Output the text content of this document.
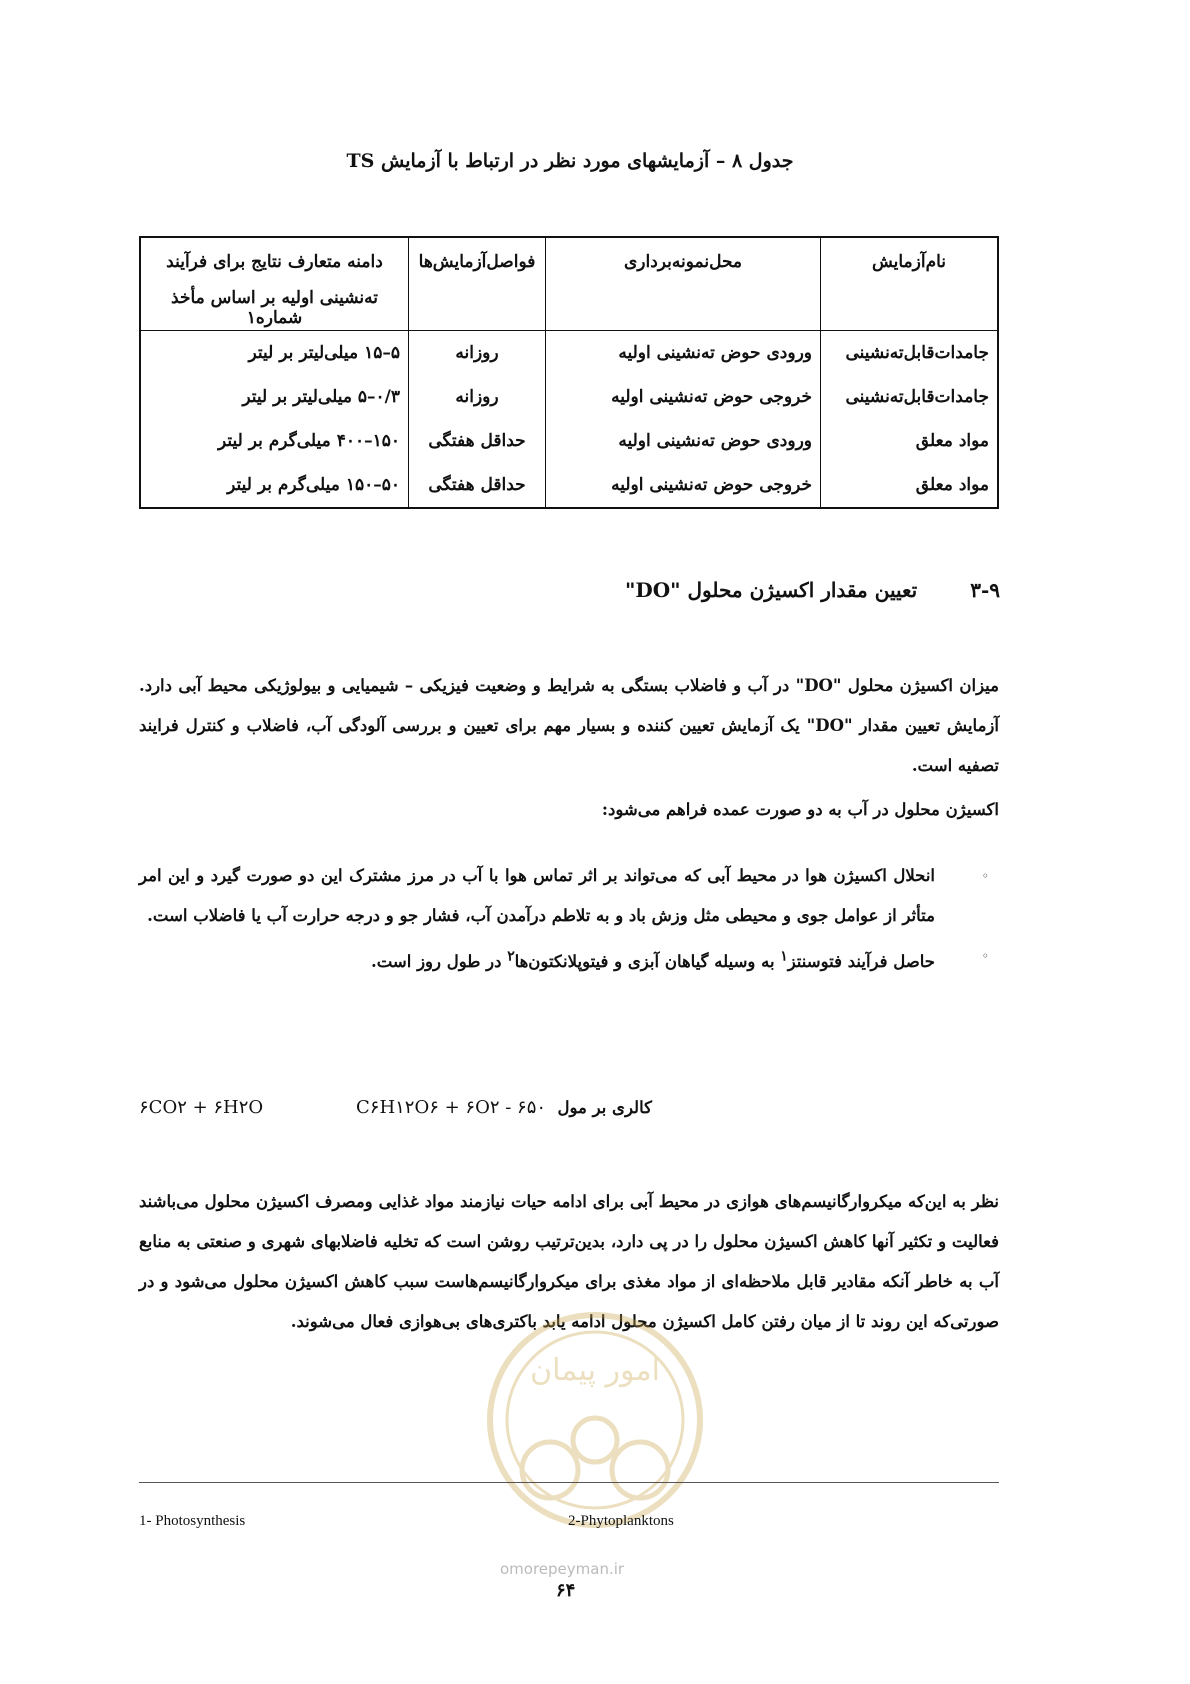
جدول ۸ – آزمایشهای مورد نظر در ارتباط با آزمایش TS
نام‌آزمایش	محل‌نمونه‌برداری	فواصل‌آزمایش‌ها	دامنه متعارف نتایج برای فرآیند
			ته‌نشینی اولیه بر اساس مأخذ شماره۱
جامدات‌قابل‌ته‌نشینی	ورودی حوض ته‌نشینی اولیه	روزانه	۵–۱۵ میلی‌لیتر بر لیتر
جامدات‌قابل‌ته‌نشینی	خروجی حوض ته‌نشینی اولیه	روزانه	۰/۳–۵ میلی‌لیتر بر لیتر
مواد معلق	ورودی حوض ته‌نشینی اولیه	حداقل هفتگی	۱۵۰–۴۰۰ میلی‌گرم بر لیتر
مواد معلق	خروجی حوض ته‌نشینی اولیه	حداقل هفتگی	۵۰–۱۵۰ میلی‌گرم بر لیتر
۳-۹ تعیین مقدار اکسیژن محلول "DO"

میزان اکسیژن محلول "DO" در آب و فاضلاب بستگی به شرایط و وضعیت فیزیکی – شیمیایی و بیولوژیکی محیط آبی دارد. آزمایش تعیین مقدار "DO" یک آزمایش تعیین کننده و بسیار مهم برای تعیین و بررسی آلودگی آب، فاضلاب و کنترل فرایند تصفیه است.

اکسیژن محلول در آب به دو صورت عمده فراهم می‌شود:

◦
انحلال اکسیژن هوا در محیط آبی که می‌تواند بر اثر تماس هوا با آب در مرز مشترک این دو صورت گیرد و این امر متأثر از عوامل جوی و محیطی مثل وزش باد و به تلاطم درآمدن آب، فشار جو و درجه حرارت آب یا فاضلاب است.
◦
حاصل فرآیند فتوسنتز$^۱$ به وسیله گیاهان آبزی و فیتوپلانکتون‌ها$^۲$ در طول روز است.
۶CO۲ + ۶H۲O	C۶H۱۲O۶ + ۶O۲ - ۶۵۰ کالری بر مول

نظر به این‌که میکروارگانیسم‌های هوازی در محیط آبی برای ادامه حیات نیازمند مواد غذایی ومصرف اکسیژن محلول می‌باشند فعالیت و تکثیر آنها کاهش اکسیژن محلول را در پی دارد، بدین‌ترتیب روشن است که تخلیه فاضلابهای شهری و صنعتی به منابع آب به خاطر آنکه مقادیر قابل ملاحظه‌ای از مواد مغذی برای میکروارگانیسم‌هاست سبب کاهش اکسیژن محلول می‌شود و در صورتی‌که این روند تا از میان رفتن کامل اکسیژن محلول ادامه یابد باکتری‌های بی‌هوازی فعال می‌شوند.

امور پیمان
omorepeyman.ir
1- Photosynthesis	2-Phytoplanktons
۶۴
